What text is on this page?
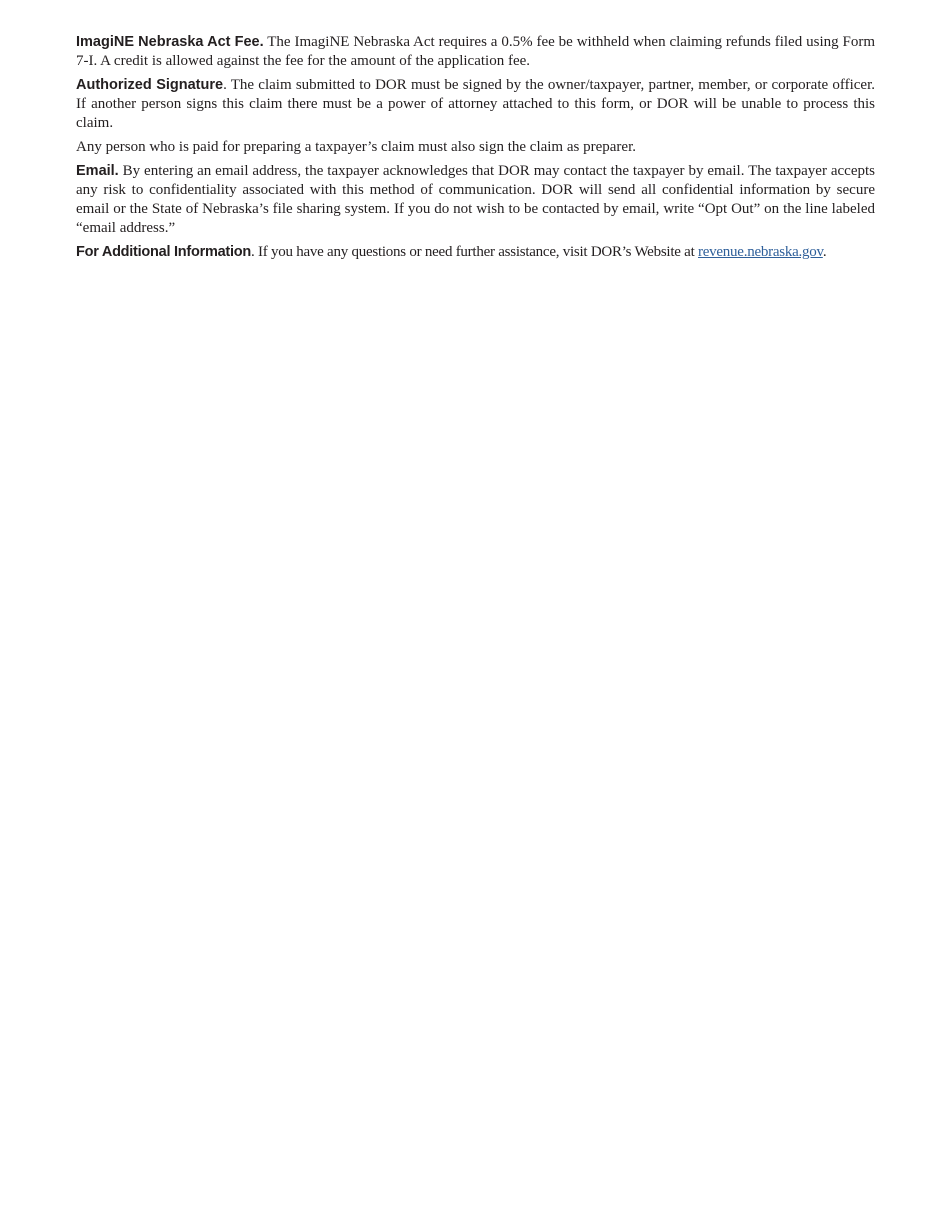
ImagiNE Nebraska Act Fee. The ImagiNE Nebraska Act requires a 0.5% fee be withheld when claiming refunds filed using Form 7-I. A credit is allowed against the fee for the amount of the application fee.

Authorized Signature. The claim submitted to DOR must be signed by the owner/taxpayer, partner, member, or corporate officer. If another person signs this claim there must be a power of attorney attached to this form, or DOR will be unable to process this claim.

Any person who is paid for preparing a taxpayer’s claim must also sign the claim as preparer.

Email. By entering an email address, the taxpayer acknowledges that DOR may contact the taxpayer by email. The taxpayer accepts any risk to confidentiality associated with this method of communication. DOR will send all confidential information by secure email or the State of Nebraska’s file sharing system. If you do not wish to be contacted by email, write “Opt Out” on the line labeled “email address.”

For Additional Information. If you have any questions or need further assistance, visit DOR’s Website at revenue.nebraska.gov.
